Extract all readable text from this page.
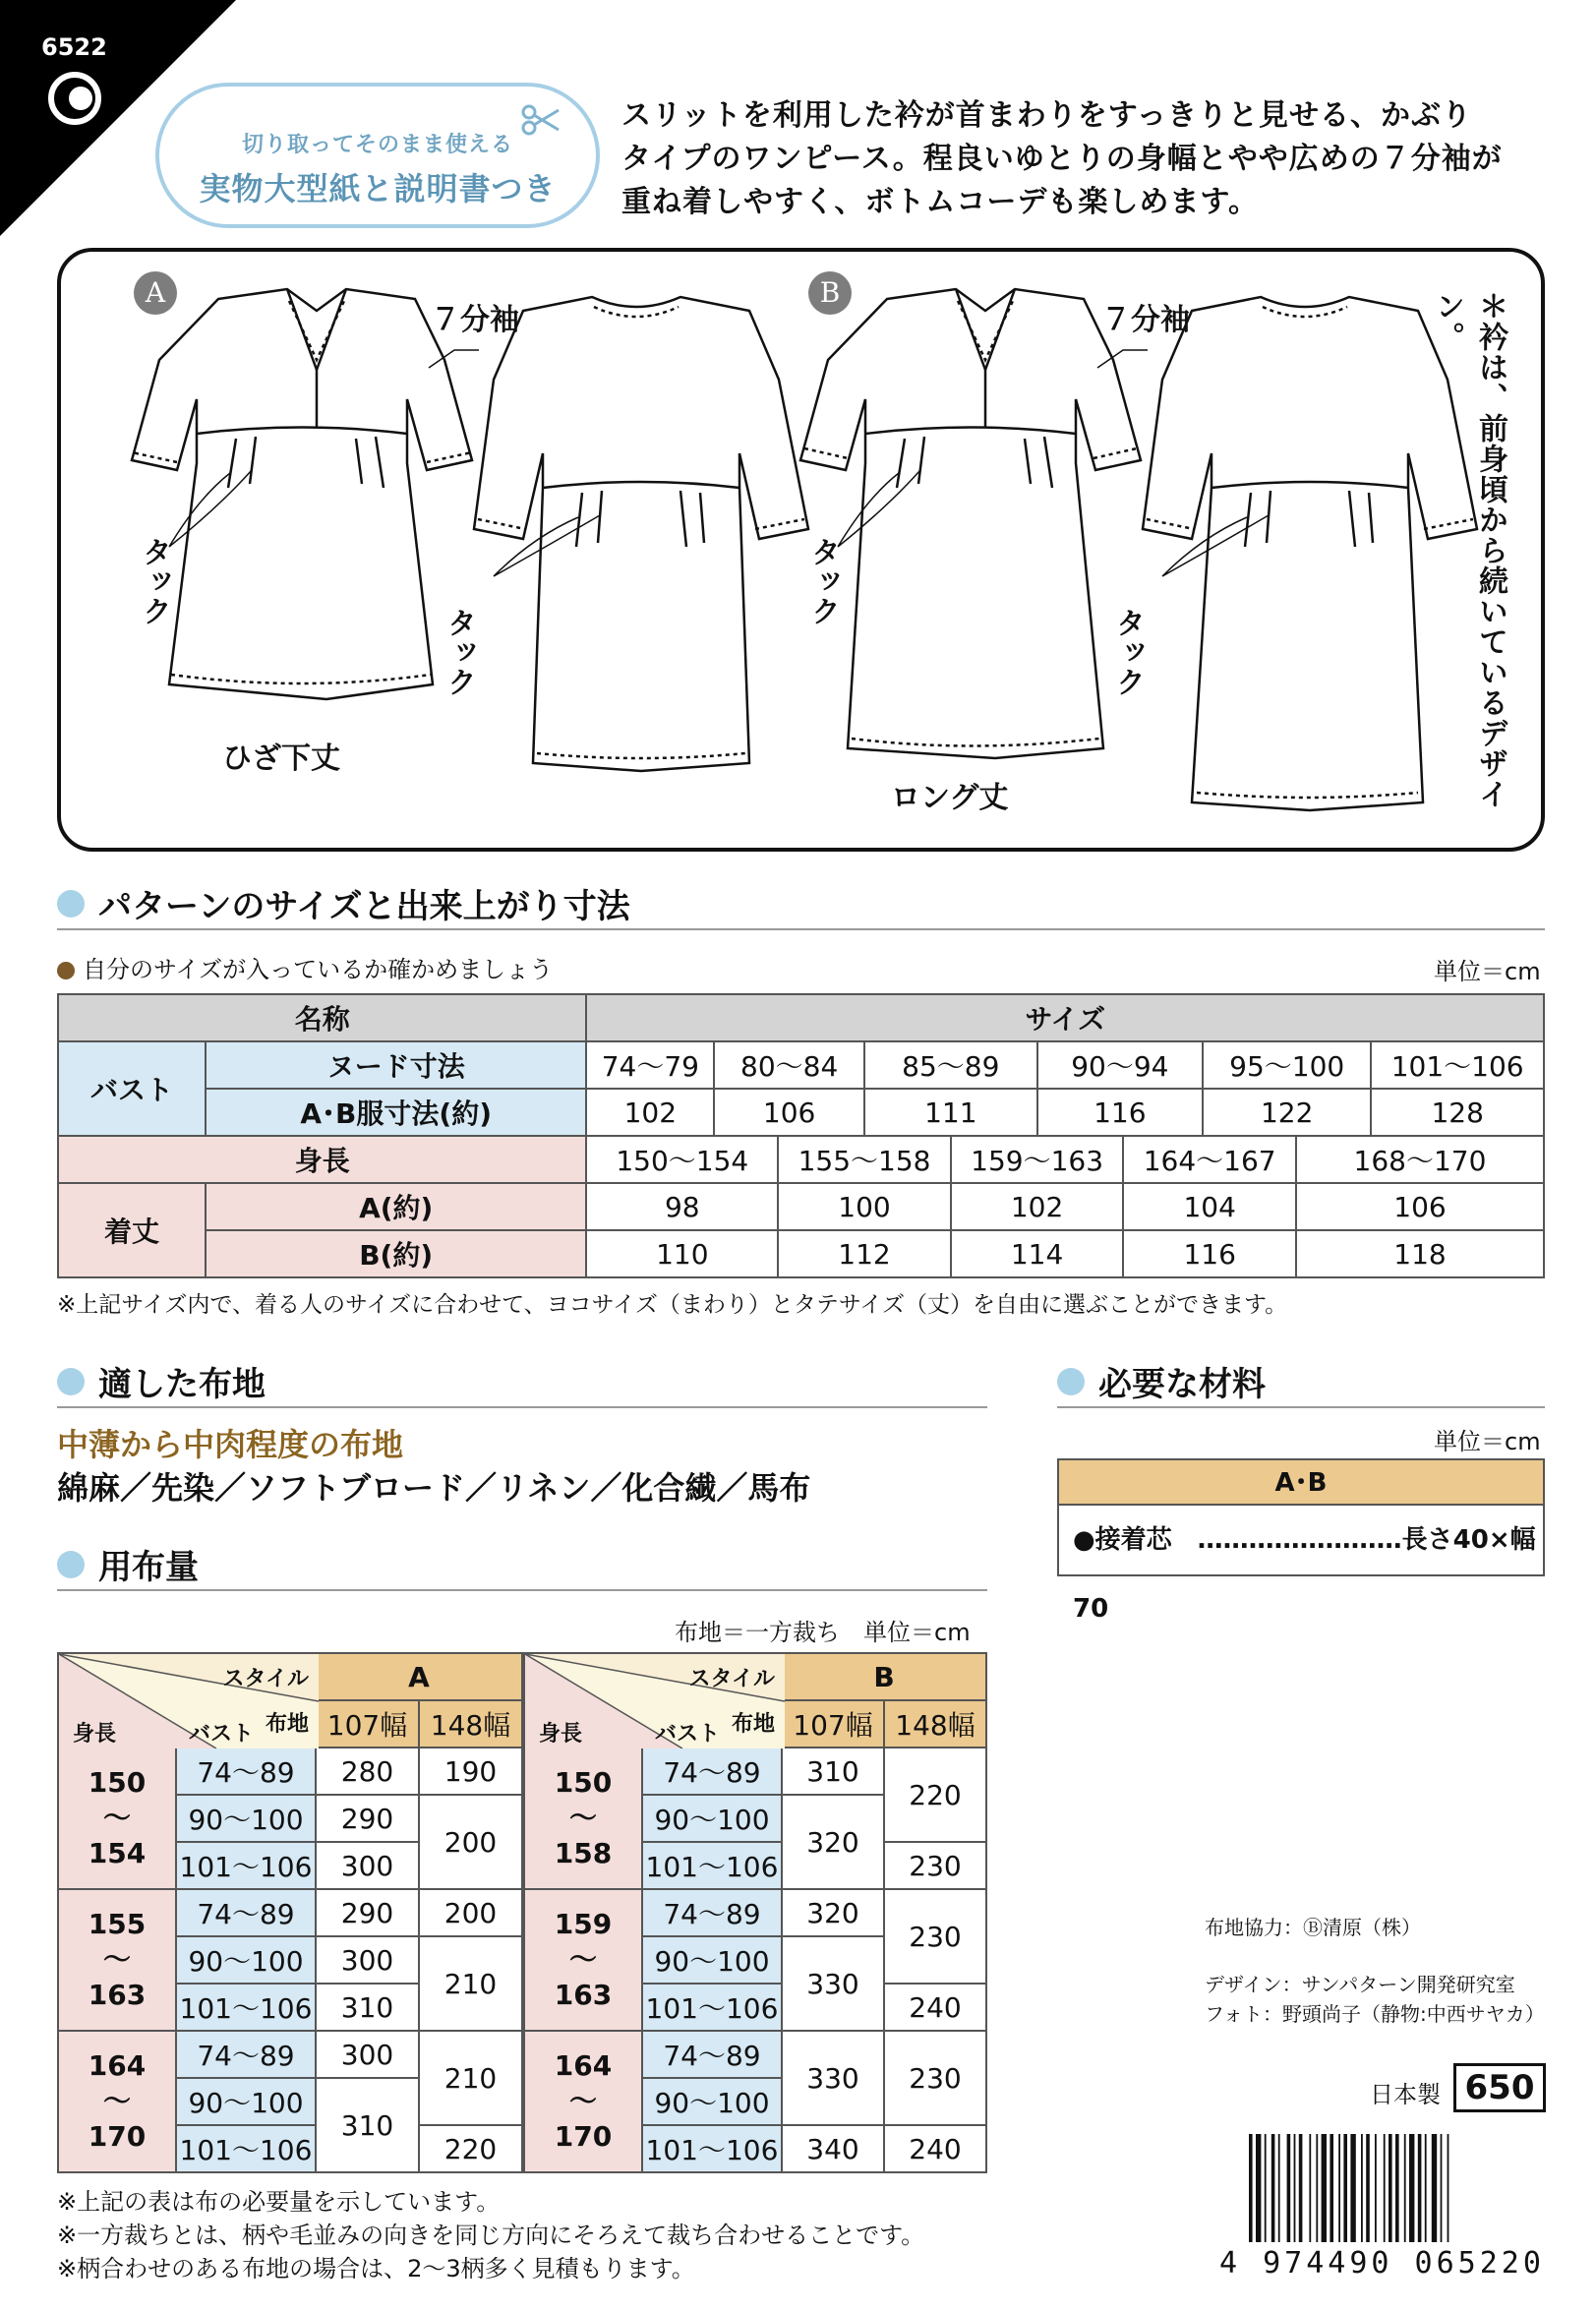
6522
切り取ってそのまま使える
実物大型紙と説明書つき
スリットを利用した衿が首まわりをすっきりと見せる、かぶり
タイプのワンピース。程良いゆとりの身幅とやや広めの７分袖が
重ね着しやすく、ボトムコーデも楽しめます。
A	B
７分袖	７分袖
タック
タック
タック
タック
ひざ下丈
ロング丈	＊衿は、前身頃から続いているデザイン。
パターンのサイズと出来上がり寸法
自分のサイズが入っているか確かめましょう	単位＝cm
名称		サイズ									
バスト	ヌード寸法	74〜79	80〜84		85〜89		90〜94		95〜100		101〜106
	A･B服寸法(約)	102	106		111		116		122		128
身長		150〜154		155〜158		159〜163		164〜167		168〜170	
着丈	A(約)	98		100		102		104		106	
	B(約)	110		112		114		116		118	
※上記サイズ内で、着る人のサイズに合わせて、ヨコサイズ（まわり）とタテサイズ（丈）を自由に選ぶことができます。
適した布地
中薄から中肉程度の布地
綿麻／先染／ソフトブロード／リネン／化合繊／馬布
必要な材料
単位＝cm
A･B
●接着芯　……………………長さ40×幅70
用布量
布地＝一方裁ち　単位＝cm
スタイル
布地
バスト
身長		A	
		107幅	148幅

150
〜
154	74〜89	280	190
	90〜100	290	200
	101〜106	300	

155
〜
163	74〜89	290	200
	90〜100	300	210
	101〜106	310	

164
〜
170	74〜89	300	210
	90〜100	310	
	101〜106		220
スタイル
布地
バスト
身長		B	
		107幅	148幅

150
〜
158	74〜89	310	220
	90〜100	320	
	101〜106		230

159
〜
163	74〜89	320	230
	90〜100	330	
	101〜106		240

164
〜
170	74〜89	330	230
	90〜100		
	101〜106	340	240
※上記の表は布の必要量を示しています。
※一方裁ちとは、柄や毛並みの向きを同じ方向にそろえて裁ち合わせることです。
※柄合わせのある布地の場合は、2〜3柄多く見積もります。
布地協力：Ⓑ清原（株）
デザイン：サンパターン開発研究室
フォト：野頭尚子（静物:中西サヤカ）
日本製 650
4 974490 065220
